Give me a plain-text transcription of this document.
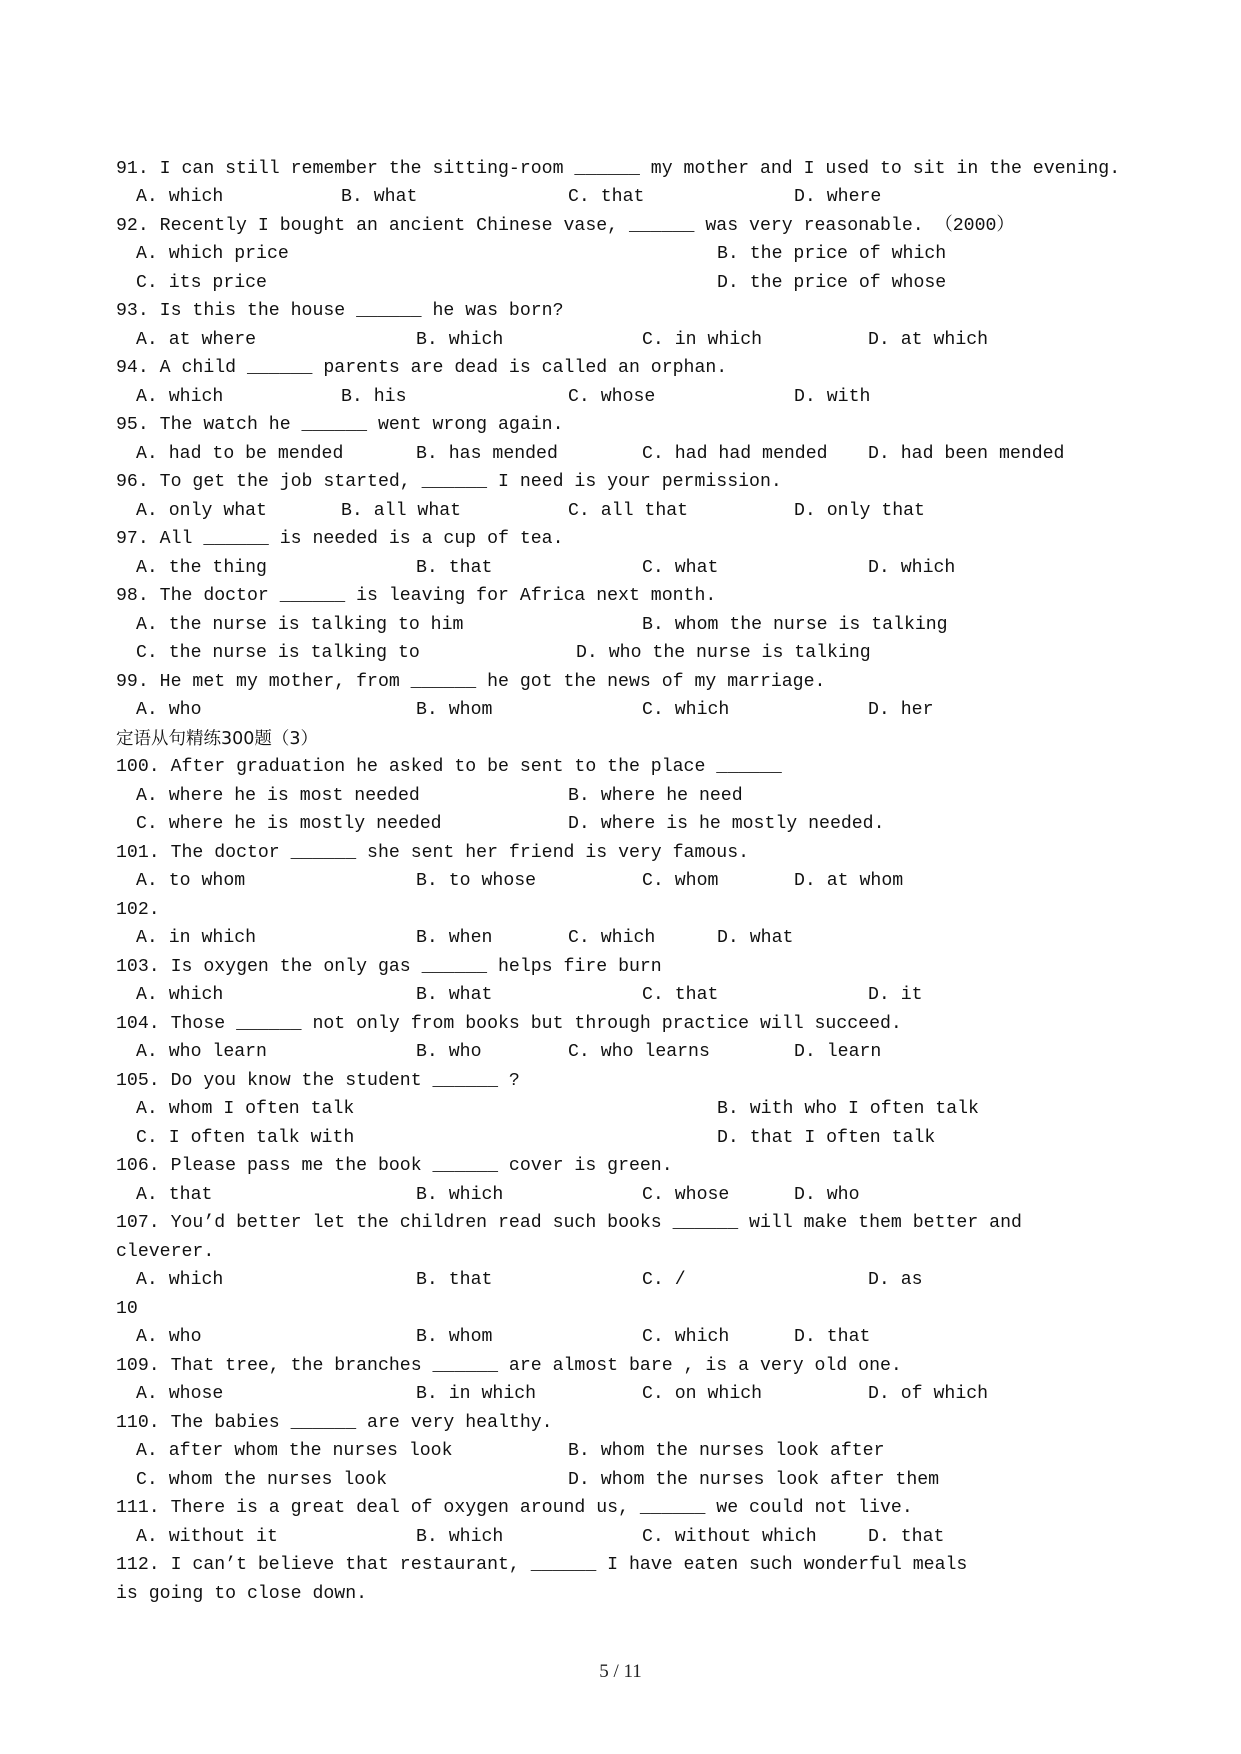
91. I can still remember the sitting-room ______ my mother and I used to sit in the evening.
A. which	B. what	C. that	D. where
92. Recently I bought an ancient Chinese vase, ______ was very reasonable. （2000）
A. which price	B. the price of which
C. its price	D. the price of whose
93. Is this the house ______ he was born?
A. at where	B. which	C. in which	D. at which
94. A child ______ parents are dead is called an orphan.
A. which	B. his	C. whose	D. with
95. The watch he ______ went wrong again.
A. had to be mended	B. has mended	C. had had mended D. had been mended
96. To get the job started, ______ I need is your permission.
A. only what	B. all what	C. all that	D. only that
97. All ______ is needed is a cup of tea.
A. the thing	B. that	C. what	D. which
98. The doctor ______ is leaving for Africa next month.
A. the nurse is talking to him	B. whom the nurse is talking
C. the nurse is talking to	D. who the nurse is talking
99. He met my mother, from ______ he got the news of my marriage.
A. who	B. whom	C. which	D. her
定语从句精练300题（3）
100. After graduation he asked to be sent to the place ______
A. where he is most needed	B. where he need
C. where he is mostly needed	D. where is he mostly needed.
101. The doctor ______ she sent her friend is very famous.
A. to whom	B. to whose	C. whom	D. at whom
102.
A. in which	B. when	C. which	D. what
103. Is oxygen the only gas ______ helps fire burn
A. which	B. what	C. that	D. it
104. Those ______ not only from books but through practice will succeed.
A. who learn	B. who	C. who learns	D. learn
105. Do you know the student ______ ?
A. whom I often talk	B. with who I often talk
C. I often talk with	D. that I often talk
106. Please pass me the book ______ cover is green.
A. that	B. which	C. whose	D. who
107. You’d better let the children read such books ______ will make them better and
cleverer.
A. which	B. that	C. /	D. as
10
A. who	B. whom	C. which	D. that
109. That tree, the branches ______ are almost bare , is a very old one.
A. whose	B. in which	C. on which	D. of which
110. The babies ______ are very healthy.
A. after whom the nurses look	B. whom the nurses look after
C. whom the nurses look	D. whom the nurses look after them
111. There is a great deal of oxygen around us, ______ we could not live.
A. without it	B. which	C. without which	D. that
112. I can’t believe that restaurant, ______ I have eaten such wonderful meals
is going to close down.
5 / 11
